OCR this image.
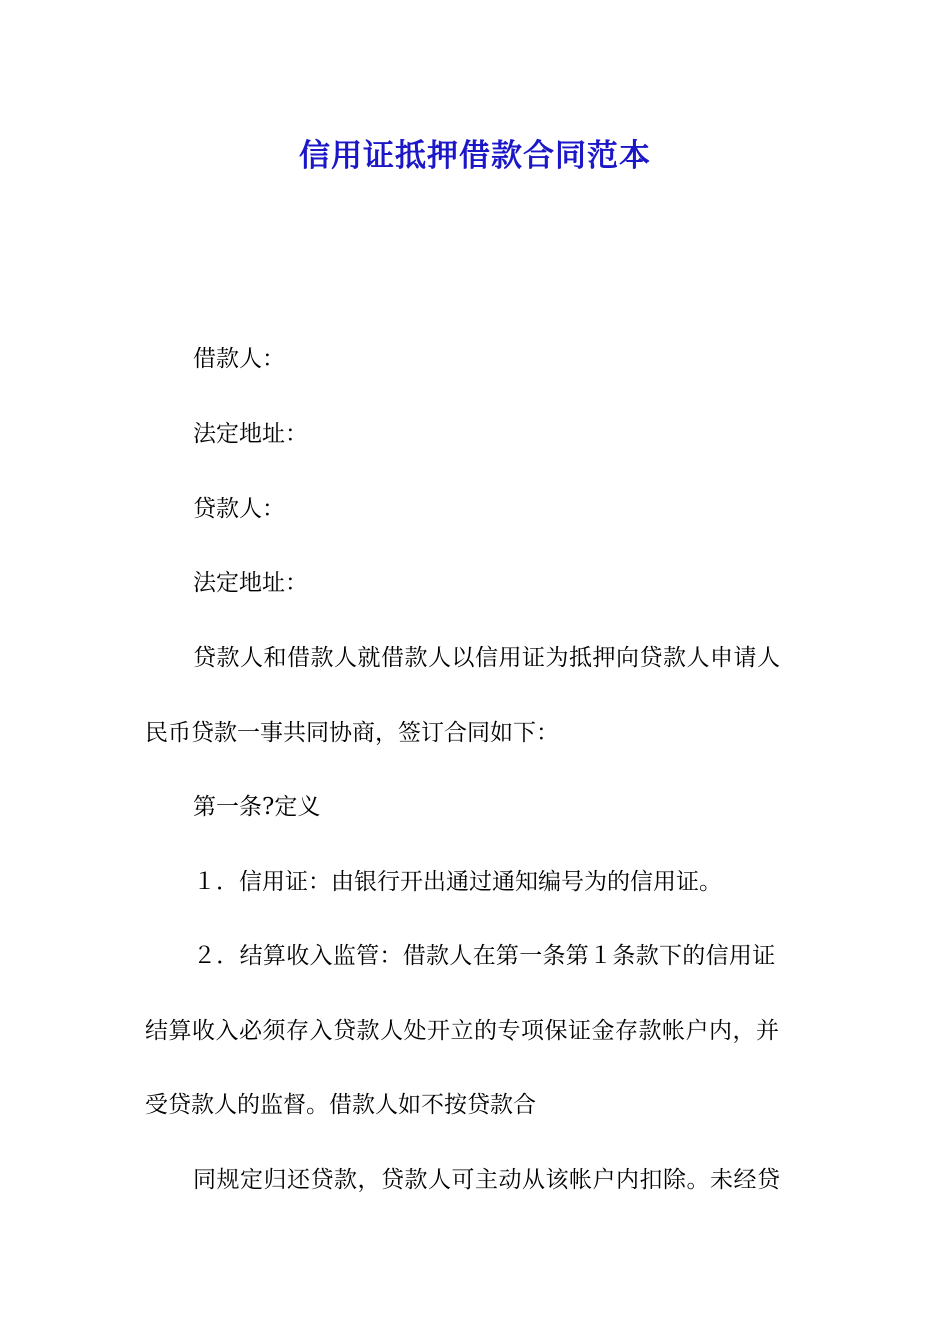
信用证抵押借款合同范本
借款人：
法定地址：
贷款人：
法定地址：
贷款人和借款人就借款人以信用证为抵押向贷款人申请人
民币贷款一事共同协商，签订合同如下：
第一条?定义
１．信用证：由银行开出通过通知编号为的信用证。
２．结算收入监管：借款人在第一条第１条款下的信用证
结算收入必须存入贷款人处开立的专项保证金存款帐户内，并
受贷款人的监督。借款人如不按贷款合
同规定归还贷款，贷款人可主动从该帐户内扣除。未经贷
